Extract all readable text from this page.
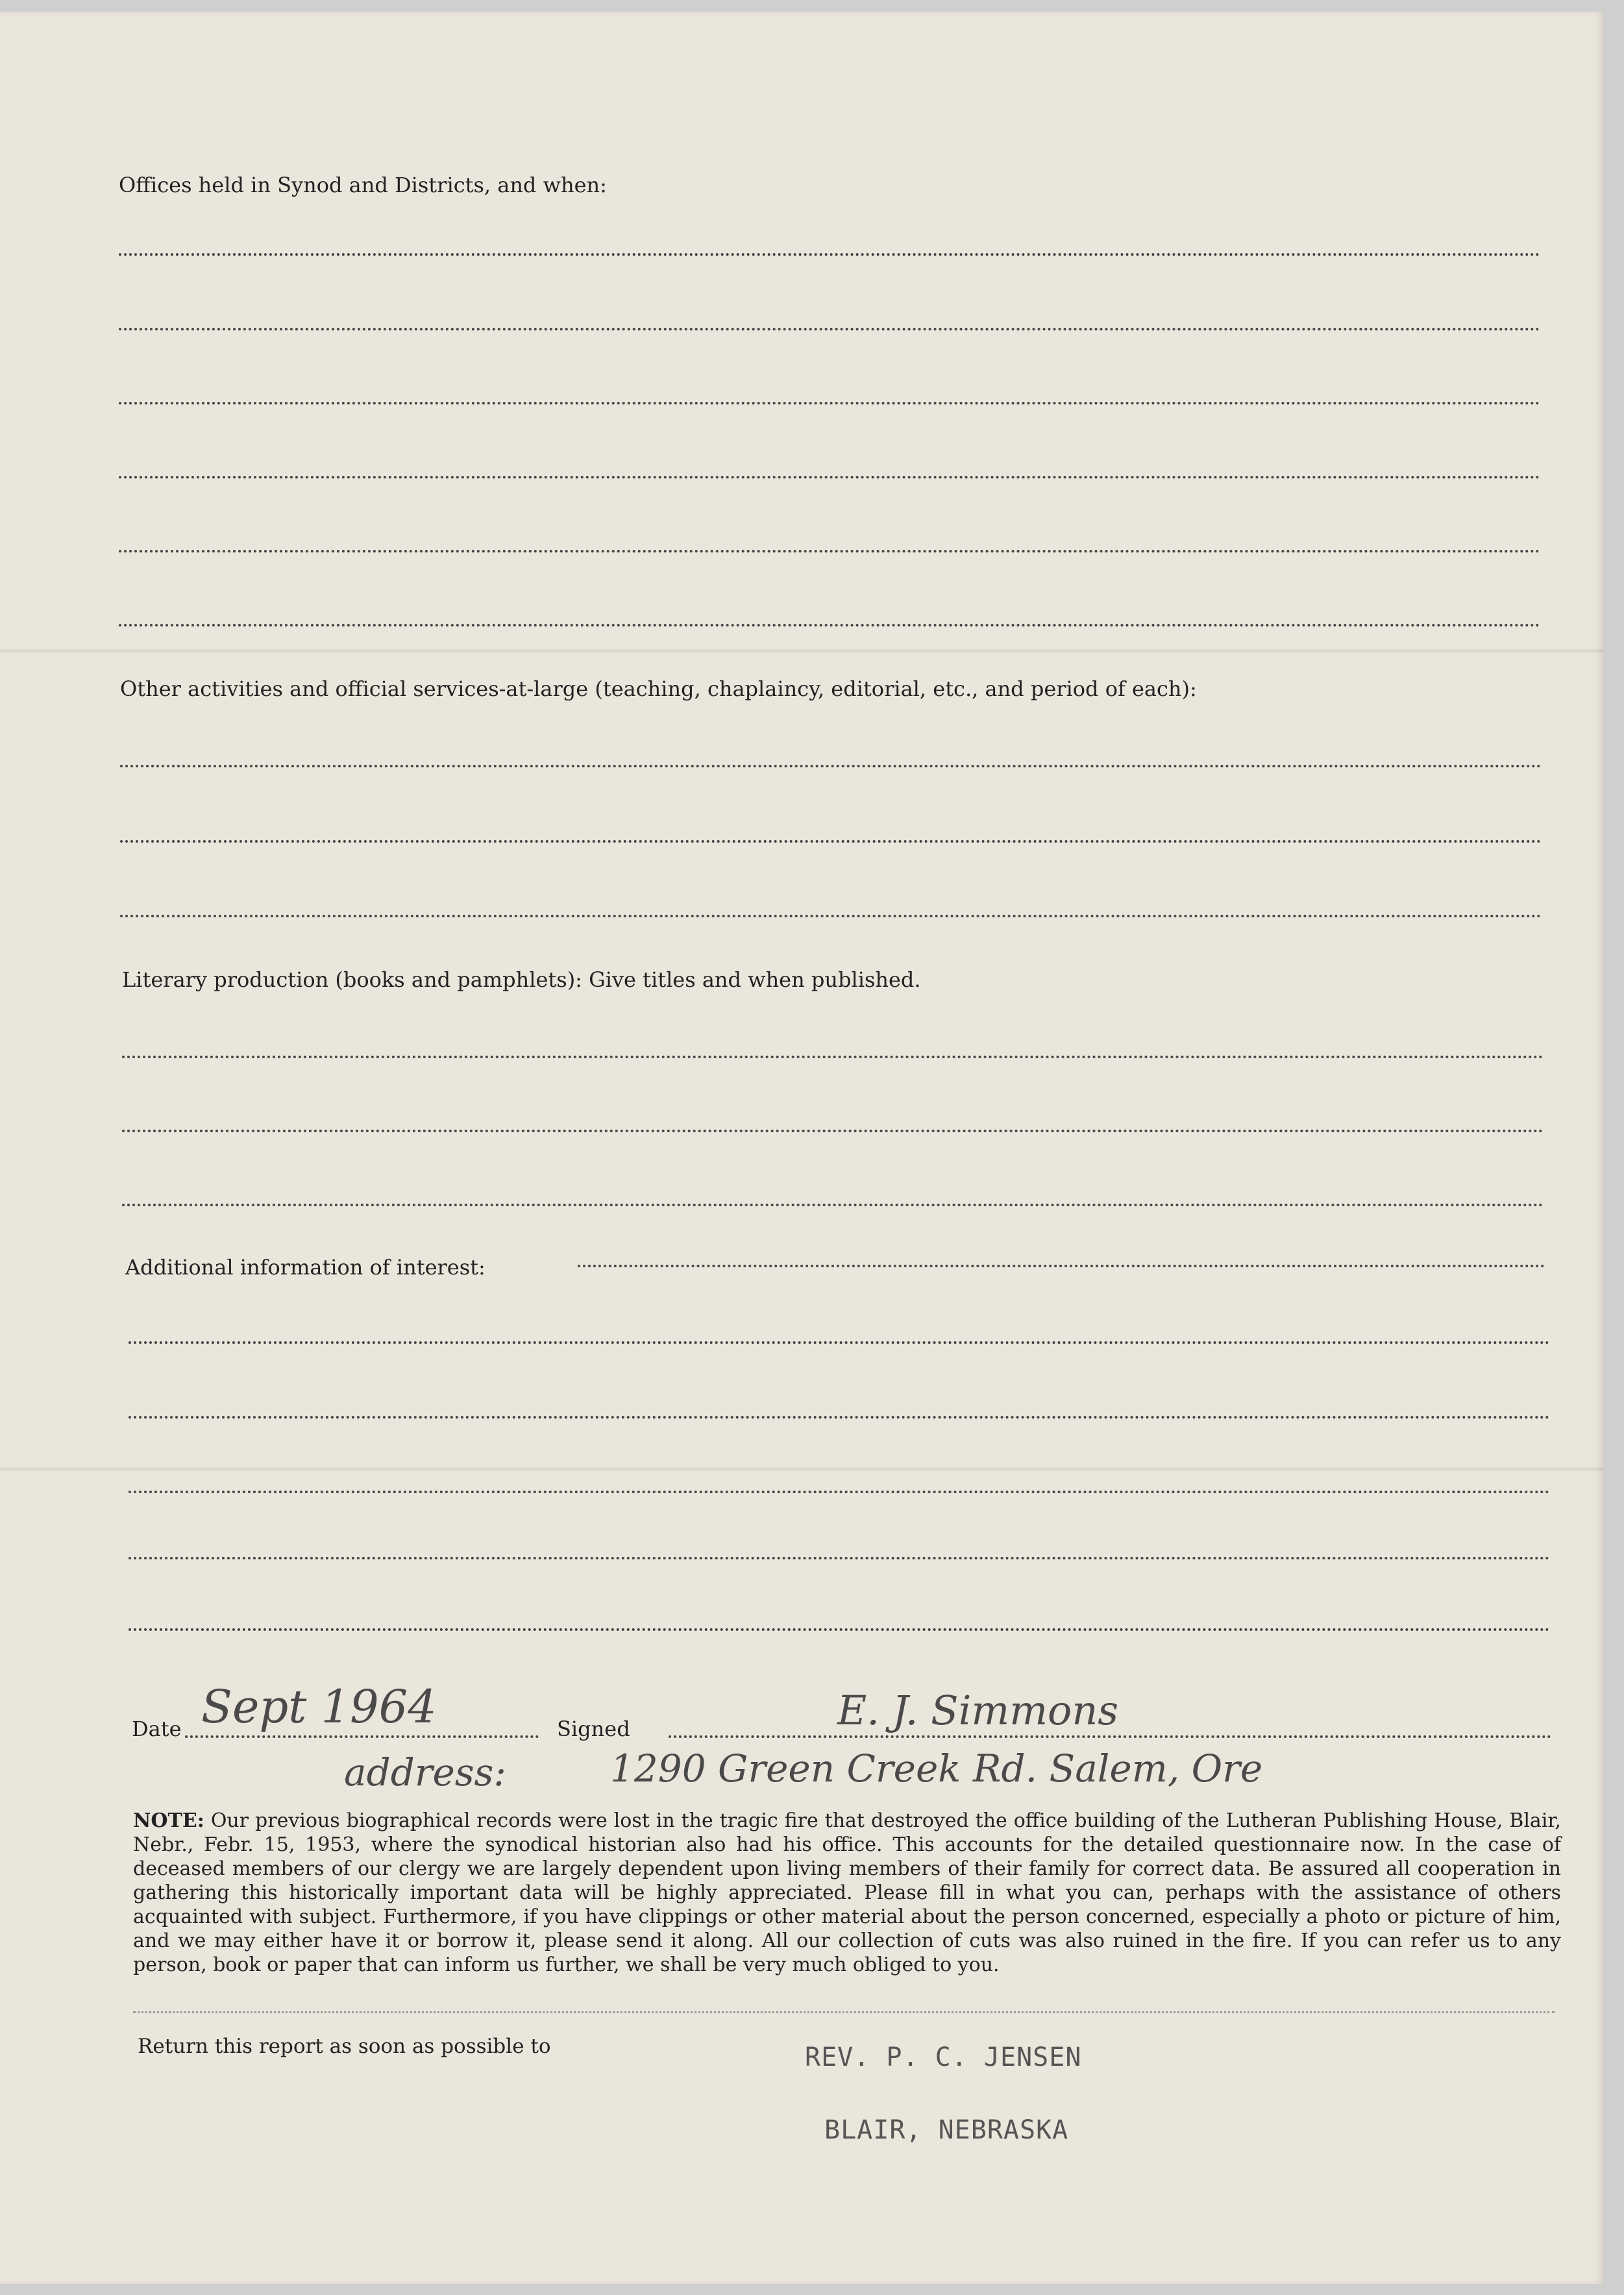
Offices held in Synod and Districts, and when:
Other activities and official services-at-large (teaching, chaplaincy, editorial, etc., and period of each):
Literary production (books and pamphlets): Give titles and when published.
Additional information of interest:
Date Sept 1964	Signed	E. J. Simmons
address:	1290 Green Creek Rd. Salem, Ore
NOTE: Our previous biographical records were lost in the tragic fire that destroyed the office building of the Lutheran Publishing House, Blair, Nebr., Febr. 15, 1953, where the synodical historian also had his office. This accounts for the detailed questionnaire now. In the case of deceased members of our clergy we are largely dependent upon living members of their family for correct data. Be assured all cooperation in gathering this historically important data will be highly appreciated. Please fill in what you can, perhaps with the assistance of others acquainted with subject. Furthermore, if you have clippings or other material about the person concerned, especially a photo or picture of him, and we may either have it or borrow it, please send it along. All our collection of cuts was also ruined in the fire. If you can refer us to any person, book or paper that can inform us further, we shall be very much obliged to you.
Return this report as soon as possible to	REV. P. C. JENSEN
BLAIR, NEBRASKA
